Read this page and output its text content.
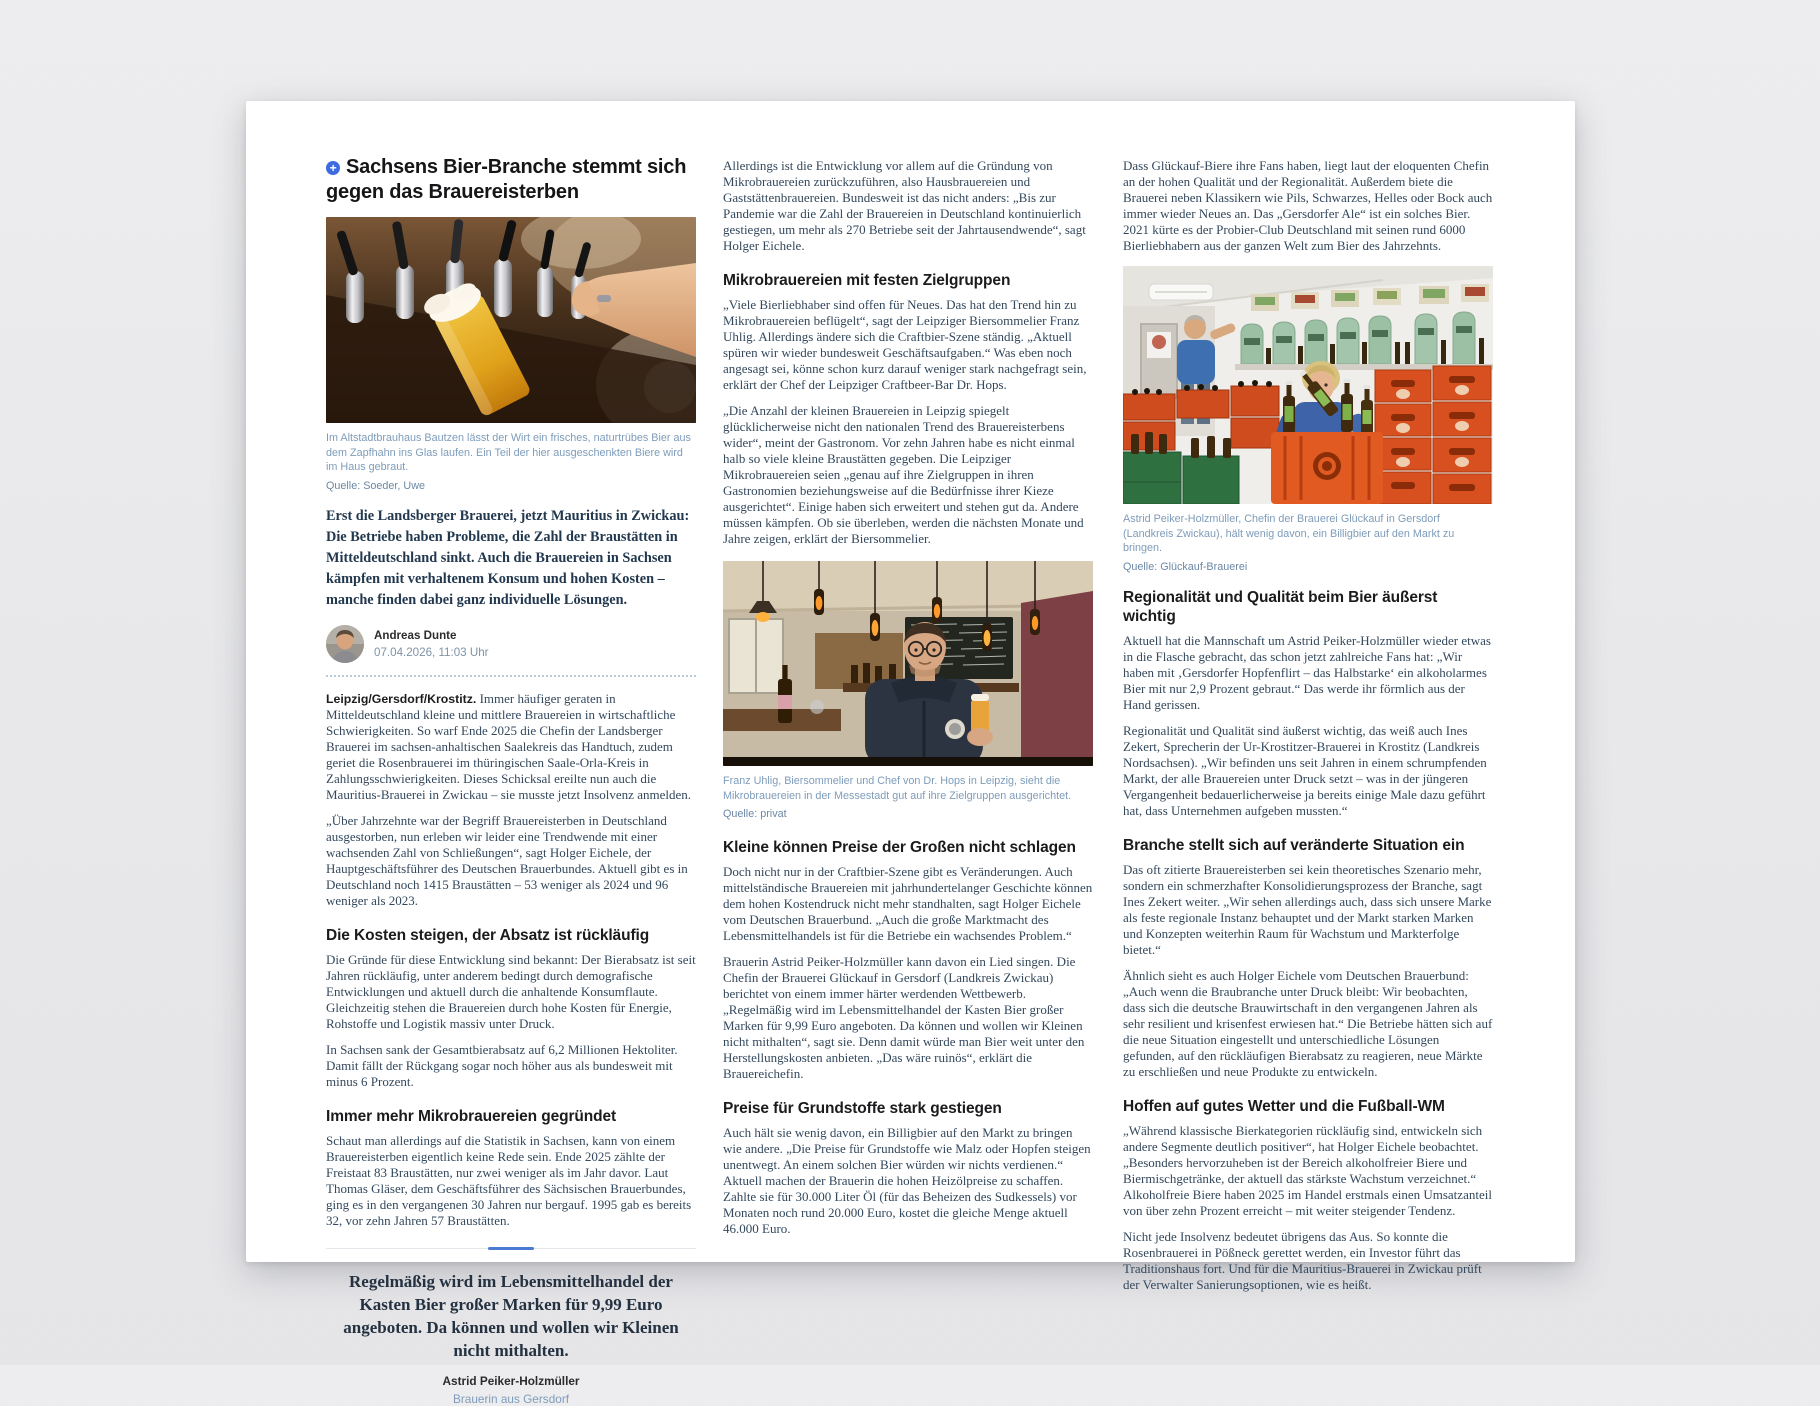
+ Sachsens Bier-Branche stemmt sich gegen das Brauereisterben
Im Altstadtbrauhaus Bautzen lässt der Wirt ein frisches, naturtrübes Bier aus dem Zapfhahn ins Glas laufen. Ein Teil der hier ausgeschenkten Biere wird im Haus gebraut.
Quelle: Soeder, Uwe
Erst die Landsberger Brauerei, jetzt Mauritius in Zwickau: Die Betriebe haben Probleme, die Zahl der Braustätten in Mitteldeutschland sinkt. Auch die Brauereien in Sachsen kämpfen mit verhaltenem Konsum und hohen Kosten – manche finden dabei ganz individuelle Lösungen.
Andreas Dunte
07.04.2026, 11:03 Uhr

Leipzig/Gersdorf/Krostitz. Immer häufiger geraten in Mitteldeutschland kleine und mittlere Brauereien in wirtschaftliche Schwierigkeiten. So warf Ende 2025 die Chefin der Landsberger Brauerei im sachsen-anhaltischen Saalekreis das Handtuch, zudem geriet die Rosenbrauerei im thüringischen Saale-Orla-Kreis in Zahlungsschwierigkeiten. Dieses Schicksal ereilte nun auch die Mauritius-Brauerei in Zwickau – sie musste jetzt Insolvenz anmelden.

„Über Jahrzehnte war der Begriff Brauereisterben in Deutschland ausgestorben, nun erleben wir leider eine Trendwende mit einer wachsenden Zahl von Schließungen“, sagt Holger Eichele, der Hauptgeschäftsführer des Deutschen Brauerbundes. Aktuell gibt es in Deutschland noch 1415 Braustätten – 53 weniger als 2024 und 96 weniger als 2023.

Die Kosten steigen, der Absatz ist rückläufig

Die Gründe für diese Entwicklung sind bekannt: Der Bierabsatz ist seit Jahren rückläufig, unter anderem bedingt durch demografische Entwicklungen und aktuell durch die anhaltende Konsumflaute. Gleichzeitig stehen die Brauereien durch hohe Kosten für Energie, Rohstoffe und Logistik massiv unter Druck.

In Sachsen sank der Gesamtbierabsatz auf 6,2 Millionen Hektoliter. Damit fällt der Rückgang sogar noch höher aus als bundesweit mit minus 6 Prozent.

Immer mehr Mikrobrauereien gegründet

Schaut man allerdings auf die Statistik in Sachsen, kann von einem Brauereisterben eigentlich keine Rede sein. Ende 2025 zählte der Freistaat 83 Braustätten, nur zwei weniger als im Jahr davor. Laut Thomas Gläser, dem Geschäftsführer des Sächsischen Brauerbundes, ging es in den vergangenen 30 Jahren nur bergauf. 1995 gab es bereits 32, vor zehn Jahren 57 Braustätten.

Regelmäßig wird im Lebensmittelhandel der Kasten Bier großer Marken für 9,99 Euro angeboten. Da können und wollen wir Kleinen nicht mithalten.
Astrid Peiker-Holzmüller
Brauerin aus Gersdorf

Allerdings ist die Entwicklung vor allem auf die Gründung von Mikrobrauereien zurückzuführen, also Hausbrauereien und Gaststättenbrauereien. Bundesweit ist das nicht anders: „Bis zur Pandemie war die Zahl der Brauereien in Deutschland kontinuierlich gestiegen, um mehr als 270 Betriebe seit der Jahrtausendwende“, sagt Holger Eichele.

Mikrobrauereien mit festen Zielgruppen

„Viele Bierliebhaber sind offen für Neues. Das hat den Trend hin zu Mikrobrauereien beflügelt“, sagt der Leipziger Biersommelier Franz Uhlig. Allerdings ändere sich die Craftbier-Szene ständig. „Aktuell spüren wir wieder bundesweit Geschäftsaufgaben.“ Was eben noch angesagt sei, könne schon kurz darauf weniger stark nachgefragt sein, erklärt der Chef der Leipziger Craftbeer-Bar Dr. Hops.

„Die Anzahl der kleinen Brauereien in Leipzig spiegelt glücklicherweise nicht den nationalen Trend des Brauereisterbens wider“, meint der Gastronom. Vor zehn Jahren habe es nicht einmal halb so viele kleine Braustätten gegeben. Die Leipziger Mikrobrauereien seien „genau auf ihre Zielgruppen in ihren Gastronomien beziehungsweise auf die Bedürfnisse ihrer Kieze ausgerichtet“. Einige haben sich erweitert und stehen gut da. Andere müssen kämpfen. Ob sie überleben, werden die nächsten Monate und Jahre zeigen, erklärt der Biersommelier.

Franz Uhlig, Biersommelier und Chef von Dr. Hops in Leipzig, sieht die Mikrobrauereien in der Messestadt gut auf ihre Zielgruppen ausgerichtet.
Quelle: privat
Kleine können Preise der Großen nicht schlagen

Doch nicht nur in der Craftbier-Szene gibt es Veränderungen. Auch mittelständische Brauereien mit jahrhundertelanger Geschichte können dem hohen Kostendruck nicht mehr standhalten, sagt Holger Eichele vom Deutschen Brauerbund. „Auch die große Marktmacht des Lebensmittelhandels ist für die Betriebe ein wachsendes Problem.“

Brauerin Astrid Peiker-Holzmüller kann davon ein Lied singen. Die Chefin der Brauerei Glückauf in Gersdorf (Landkreis Zwickau) berichtet von einem immer härter werdenden Wettbewerb. „Regelmäßig wird im Lebensmittelhandel der Kasten Bier großer Marken für 9,99 Euro angeboten. Da können und wollen wir Kleinen nicht mithalten“, sagt sie. Denn damit würde man Bier weit unter den Herstellungskosten anbieten. „Das wäre ruinös“, erklärt die Brauereichefin.

Preise für Grundstoffe stark gestiegen

Auch hält sie wenig davon, ein Billigbier auf den Markt zu bringen wie andere. „Die Preise für Grundstoffe wie Malz oder Hopfen steigen unentwegt. An einem solchen Bier würden wir nichts verdienen.“ Aktuell machen der Brauerin die hohen Heizölpreise zu schaffen. Zahlte sie für 30.000 Liter Öl (für das Beheizen des Sudkessels) vor Monaten noch rund 20.000 Euro, kostet die gleiche Menge aktuell 46.000 Euro.

Dass Glückauf-Biere ihre Fans haben, liegt laut der eloquenten Chefin an der hohen Qualität und der Regionalität. Außerdem biete die Brauerei neben Klassikern wie Pils, Schwarzes, Helles oder Bock auch immer wieder Neues an. Das „Gersdorfer Ale“ ist ein solches Bier. 2021 kürte es der Probier-Club Deutschland mit seinen rund 6000 Bierliebhabern aus der ganzen Welt zum Bier des Jahrzehnts.

Astrid Peiker-Holzmüller, Chefin der Brauerei Glückauf in Gersdorf (Landkreis Zwickau), hält wenig davon, ein Billigbier auf den Markt zu bringen.
Quelle: Glückauf-Brauerei
Regionalität und Qualität beim Bier äußerst wichtig

Aktuell hat die Mannschaft um Astrid Peiker-Holzmüller wieder etwas in die Flasche gebracht, das schon jetzt zahlreiche Fans hat: „Wir haben mit ‚Gersdorfer Hopfenflirt – das Halbstarke‘ ein alkoholarmes Bier mit nur 2,9 Prozent gebraut.“ Das werde ihr förmlich aus der Hand gerissen.

Regionalität und Qualität sind äußerst wichtig, das weiß auch Ines Zekert, Sprecherin der Ur-Krostitzer-Brauerei in Krostitz (Landkreis Nordsachsen). „Wir befinden uns seit Jahren in einem schrumpfenden Markt, der alle Brauereien unter Druck setzt – was in der jüngeren Vergangenheit bedauerlicherweise ja bereits einige Male dazu geführt hat, dass Unternehmen aufgeben mussten.“

Branche stellt sich auf veränderte Situation ein

Das oft zitierte Brauereisterben sei kein theoretisches Szenario mehr, sondern ein schmerzhafter Konsolidierungsprozess der Branche, sagt Ines Zekert weiter. „Wir sehen allerdings auch, dass sich unsere Marke als feste regionale Instanz behauptet und der Markt starken Marken und Konzepten weiterhin Raum für Wachstum und Markterfolge bietet.“

Ähnlich sieht es auch Holger Eichele vom Deutschen Brauerbund: „Auch wenn die Braubranche unter Druck bleibt: Wir beobachten, dass sich die deutsche Brauwirtschaft in den vergangenen Jahren als sehr resilient und krisenfest erwiesen hat.“ Die Betriebe hätten sich auf die neue Situation eingestellt und unterschiedliche Lösungen gefunden, auf den rückläufigen Bierabsatz zu reagieren, neue Märkte zu erschließen und neue Produkte zu entwickeln.

Hoffen auf gutes Wetter und die Fußball-WM

„Während klassische Bierkategorien rückläufig sind, entwickeln sich andere Segmente deutlich positiver“, hat Holger Eichele beobachtet. „Besonders hervorzuheben ist der Bereich alkoholfreier Biere und Biermischgetränke, der aktuell das stärkste Wachstum verzeichnet.“ Alkoholfreie Biere haben 2025 im Handel erstmals einen Umsatzanteil von über zehn Prozent erreicht – mit weiter steigender Tendenz.

Nicht jede Insolvenz bedeutet übrigens das Aus. So konnte die Rosenbrauerei in Pößneck gerettet werden, ein Investor führt das Traditionshaus fort. Und für die Mauritius-Brauerei in Zwickau prüft der Verwalter Sanierungsoptionen, wie es heißt.
